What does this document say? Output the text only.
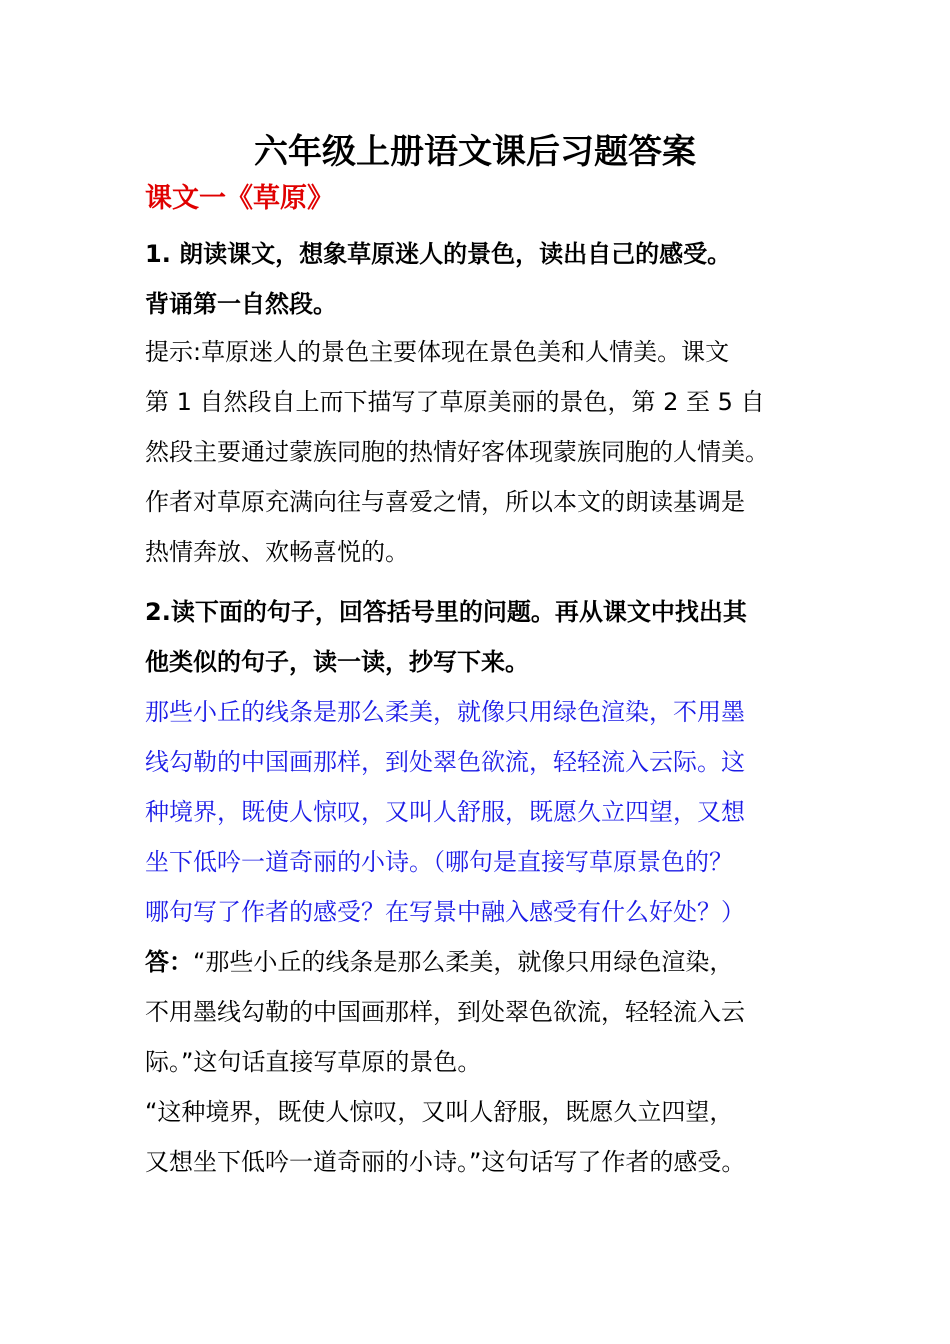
六年级上册语文课后习题答案
课文一《草原》
1. 朗读课文，想象草原迷人的景色，读出自己的感受。
背诵第一自然段。
提示:草原迷人的景色主要体现在景色美和人情美。课文
第 1 自然段自上而下描写了草原美丽的景色，第 2 至 5 自
然段主要通过蒙族同胞的热情好客体现蒙族同胞的人情美。
作者对草原充满向往与喜爱之情，所以本文的朗读基调是
热情奔放、欢畅喜悦的。
2.读下面的句子，回答括号里的问题。再从课文中找出其
他类似的句子，读一读，抄写下来。
那些小丘的线条是那么柔美，就像只用绿色渲染，不用墨
线勾勒的中国画那样，到处翠色欲流，轻轻流入云际。这
种境界，既使人惊叹，又叫人舒服，既愿久立四望，又想
坐下低吟一道奇丽的小诗。（哪句是直接写草原景色的？
哪句写了作者的感受？在写景中融入感受有什么好处？）
答：“那些小丘的线条是那么柔美，就像只用绿色渲染，
不用墨线勾勒的中国画那样，到处翠色欲流，轻轻流入云
际。”这句话直接写草原的景色。
“这种境界，既使人惊叹，又叫人舒服，既愿久立四望，
又想坐下低吟一道奇丽的小诗。”这句话写了作者的感受。
